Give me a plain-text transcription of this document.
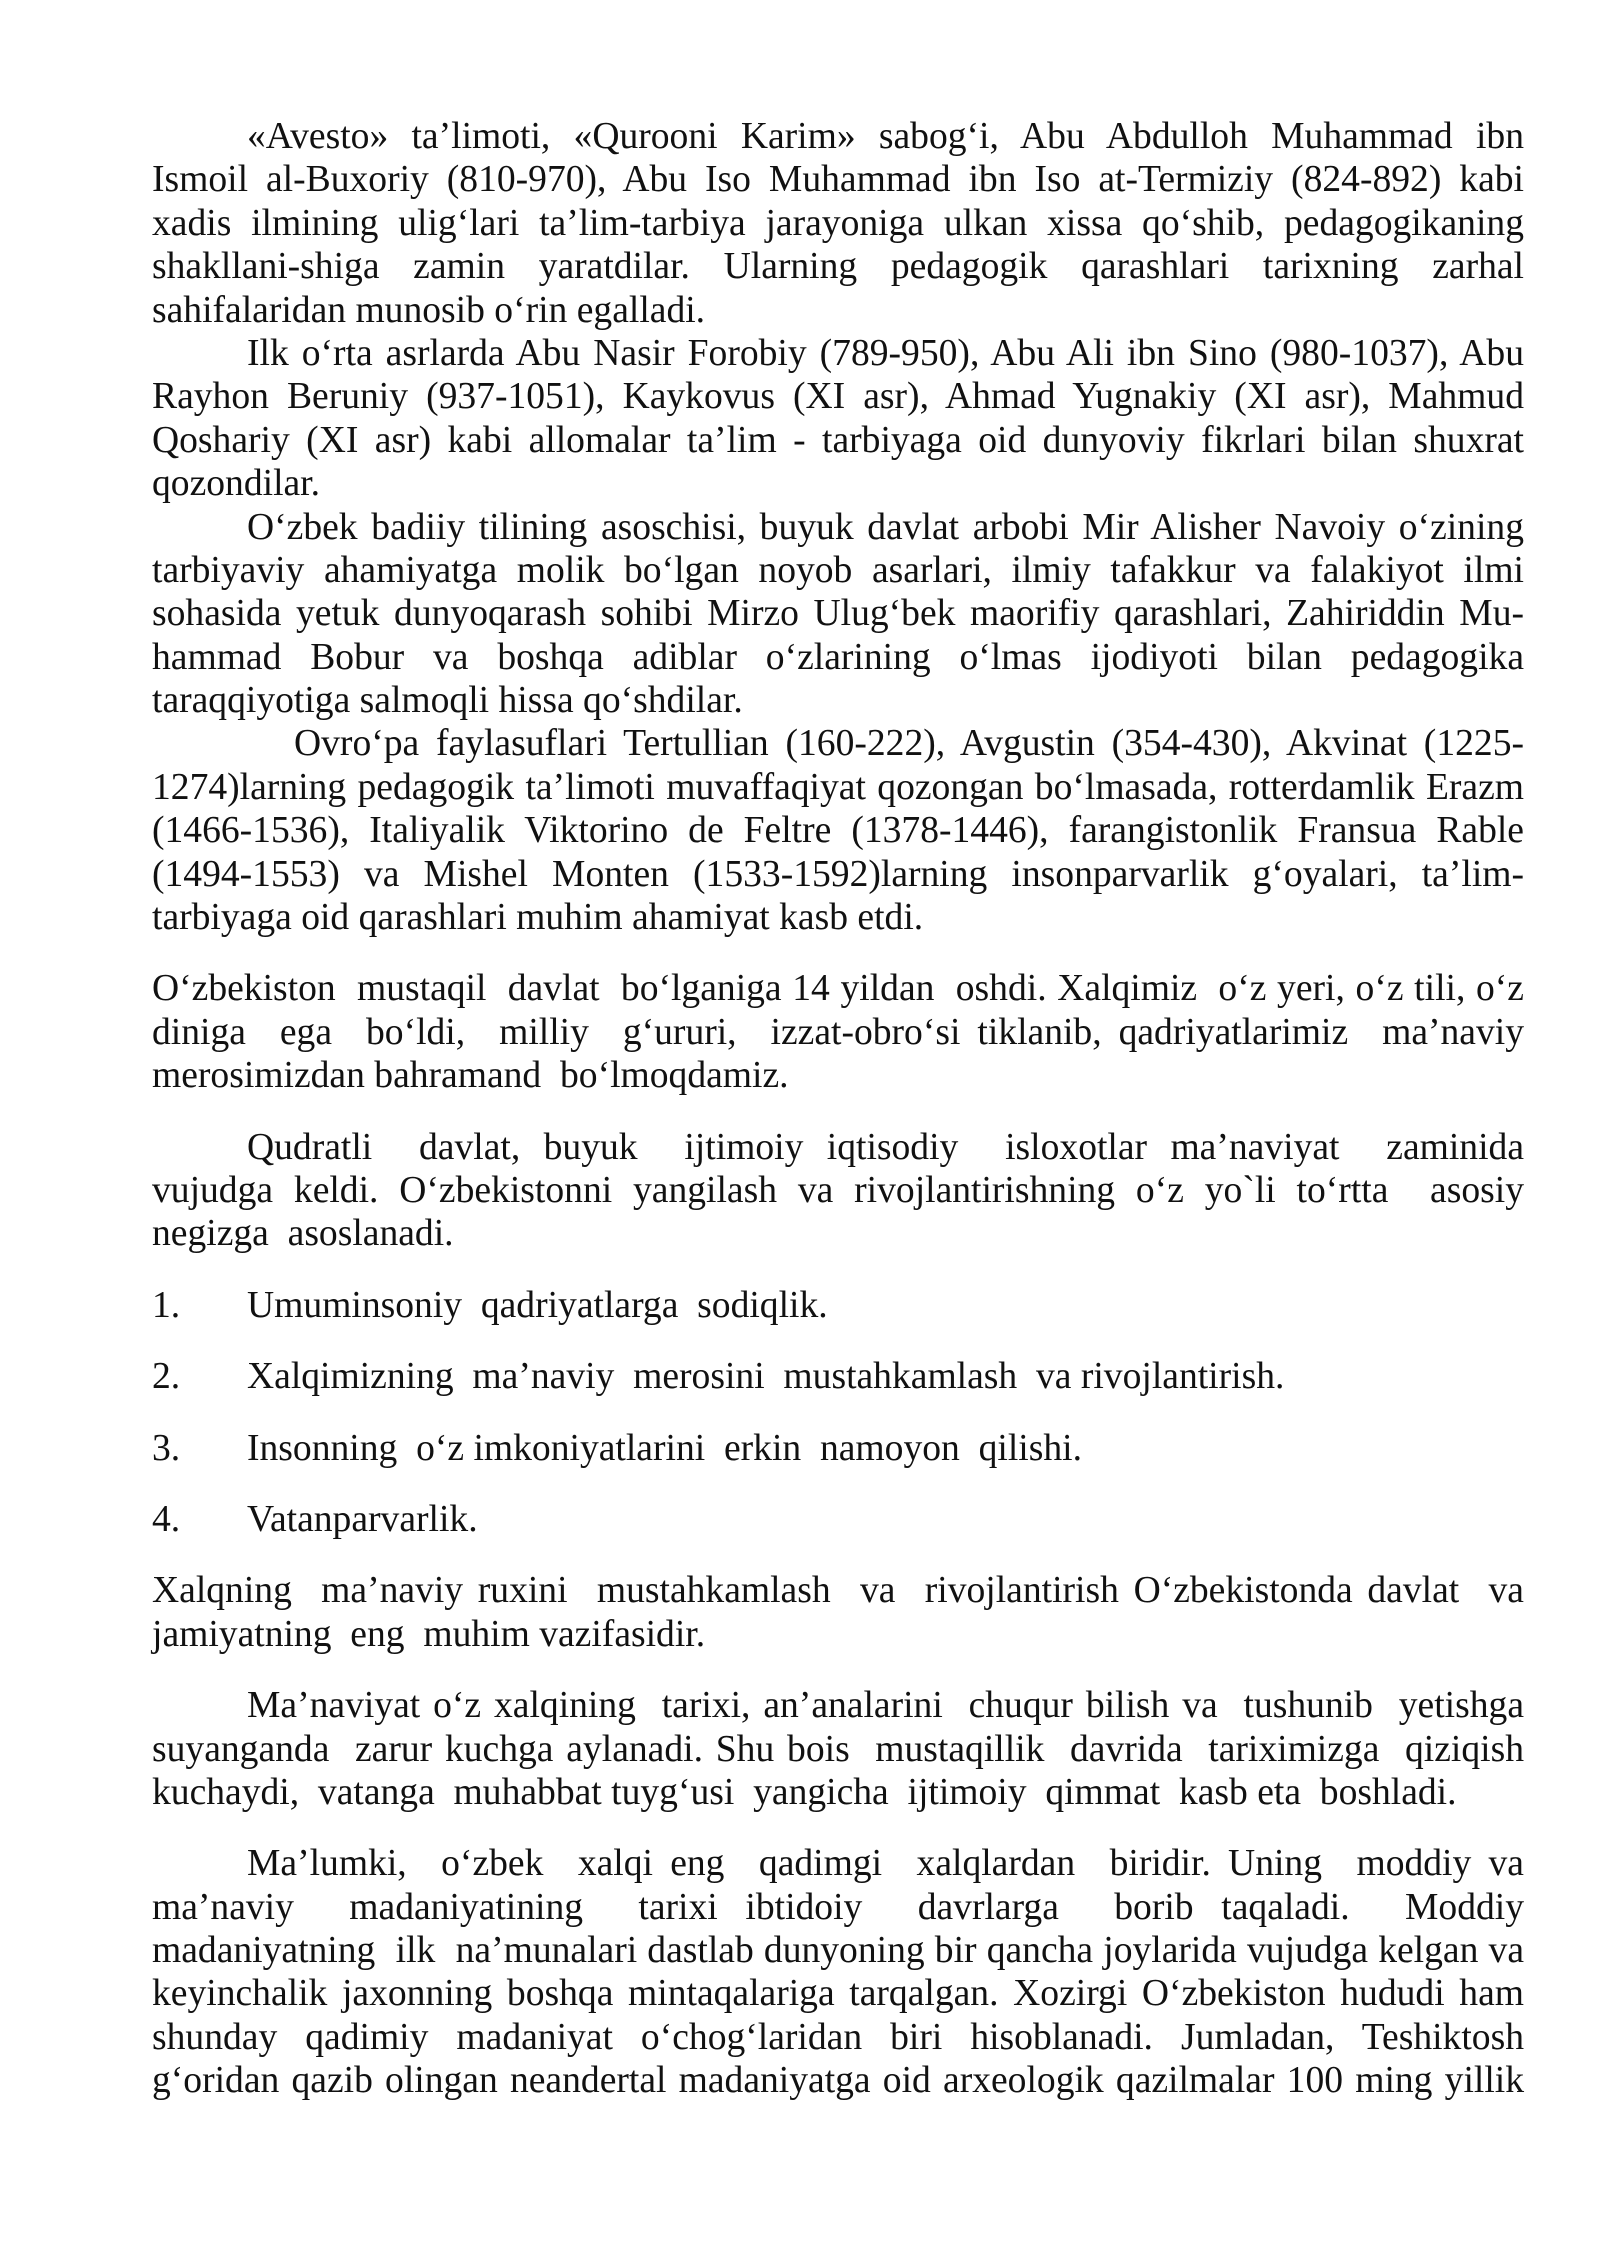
«Avesto» ta’limoti, «Qurooni Karim» sabog‘i, Abu Abdulloh Muhammad ibn
Ismoil al-Buxoriy (810-970), Abu Iso Muhammad ibn Iso at-Termiziy (824-892) kabi
xadis ilmining ulig‘lari ta’lim-tarbiya jarayoniga ulkan xissa qo‘shib, pedagogikaning
shakllani-shiga zamin yaratdilar. Ularning pedagogik qarashlari tarixning zarhal
sahifalaridan munosib o‘rin egalladi.
Ilk o‘rta asrlarda Abu Nasir Forobiy (789-950), Abu Ali ibn Sino (980-1037), Abu
Rayhon Beruniy (937-1051), Kaykovus (XI asr), Ahmad Yugnakiy (XI asr), Mahmud
Qoshariy (XI asr) kabi allomalar ta’lim - tarbiyaga oid dunyoviy fikrlari bilan shuxrat
qozondilar.
O‘zbek badiiy tilining asoschisi, buyuk davlat arbobi Mir Alisher Navoiy o‘zining
tarbiyaviy ahamiyatga molik bo‘lgan noyob asarlari, ilmiy tafakkur va falakiyot ilmi
sohasida yetuk dunyoqarash sohibi Mirzo Ulug‘bek maorifiy qarashlari, Zahiriddin Mu-
hammad Bobur va boshqa adiblar o‘zlarining o‘lmas ijodiyoti bilan pedagogika
taraqqiyotiga salmoqli hissa qo‘shdilar.
Ovro‘pa faylasuflari Tertullian (160-222), Avgustin (354-430), Akvinat (1225-
1274)larning pedagogik ta’limoti muvaffaqiyat qozongan bo‘lmasada, rotterdamlik Erazm
(1466-1536), Italiyalik Viktorino de Feltre (1378-1446), farangistonlik Fransua Rable
(1494-1553) va Mishel Monten (1533-1592)larning insonparvarlik g‘oyalari, ta’lim-
tarbiyaga oid qarashlari muhim ahamiyat kasb etdi.
O‘zbekiston  mustaqil  davlat  bo‘lganiga 14 yildan  oshdi. Xalqimiz  o‘z yeri, o‘z tili, o‘z
diniga  ega  bo‘ldi,  milliy  g‘ururi,  izzat-obro‘si tiklanib, qadriyatlarimiz  ma’naviy
merosimizdan bahramand  bo‘lmoqdamiz.
Qudratli  davlat, buyuk  ijtimoiy iqtisodiy  isloxotlar ma’naviyat  zaminida
vujudga keldi. O‘zbekistonni yangilash va rivojlantirishning o‘z yo`li to‘rtta  asosiy
negizga  asoslanadi.
1.	Umuminsoniy  qadriyatlarga  sodiqlik.
2.	Xalqimizning  ma’naviy  merosini  mustahkamlash  va rivojlantirish.
3.	Insonning  o‘z imkoniyatlarini  erkin  namoyon  qilishi.
4.	Vatanparvarlik.
Xalqning  ma’naviy ruxini  mustahkamlash  va  rivojlantirish O‘zbekistonda davlat  va
jamiyatning  eng  muhim vazifasidir.
Ma’naviyat o‘z xalqining  tarixi, an’analarini  chuqur bilish va  tushunib  yetishga
suyanganda  zarur kuchga aylanadi. Shu bois  mustaqillik  davrida  tariximizga  qiziqish
kuchaydi,  vatanga  muhabbat tuyg‘usi  yangicha  ijtimoiy  qimmat  kasb eta  boshladi.
Ma’lumki,  o‘zbek  xalqi eng  qadimgi  xalqlardan  biridir. Uning  moddiy va
ma’naviy  madaniyatining  tarixi ibtidoiy  davrlarga  borib taqaladi.  Moddiy
madaniyatning  ilk  na’munalari dastlab dunyoning bir qancha joylarida vujudga kelgan va
keyinchalik jaxonning boshqa mintaqalariga tarqalgan. Xozirgi O‘zbekiston hududi ham
shunday  qadimiy  madaniyat  o‘chog‘laridan  biri  hisoblanadi.  Jumladan,  Teshiktosh
g‘oridan qazib olingan neandertal madaniyatga oid arxeologik qazilmalar 100 ming yillik
